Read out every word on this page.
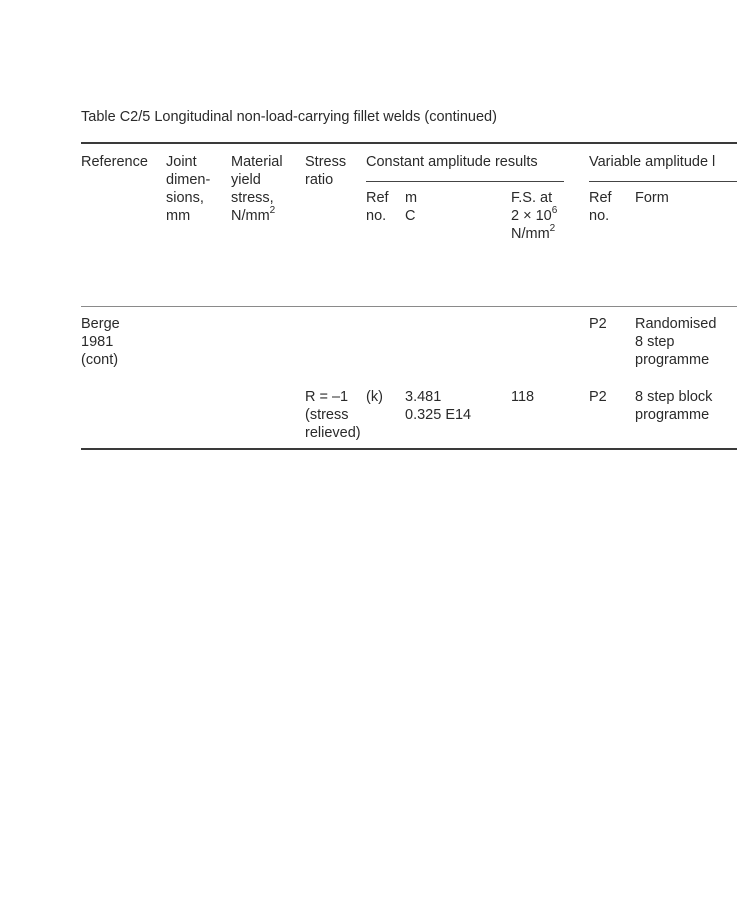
Table C2/5 Longitudinal non-load-carrying fillet welds (continued)
Reference Joint
dimen-
sions,
mm
Material
yield
stress,
$N/mm^2$
Stress
ratio
Constant amplitude results	Variable amplitude l
Ref
no.
m
C
F.S. at
$2 \times 10^6$
$N/mm^2$
Ref
no.
Form
Berge
1981
(cont)
P2 Randomised
8 step
programme
R = –1
(stress
relieved)
(k) 3.481
0.325 E14
118	P2 8 step block
programme
